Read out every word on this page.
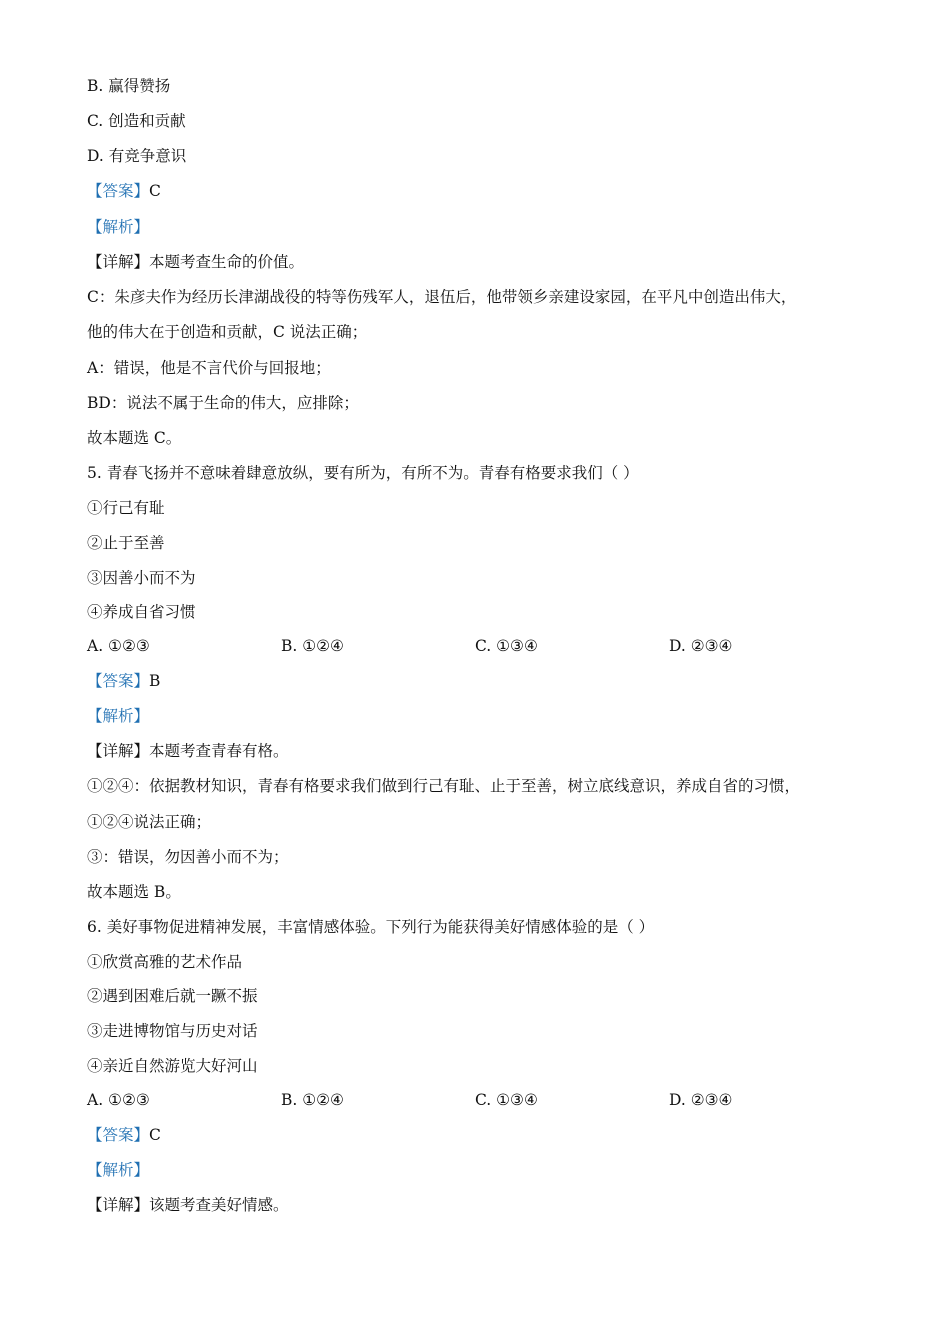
B. 赢得赞扬
C. 创造和贡献
D. 有竞争意识
【答案】C
【解析】
【详解】本题考查生命的价值。
C：朱彦夫作为经历长津湖战役的特等伤残军人，退伍后，他带领乡亲建设家园，在平凡中创造出伟大，
他的伟大在于创造和贡献，C 说法正确；
A：错误，他是不言代价与回报地；
BD：说法不属于生命的伟大，应排除；
故本题选 C。
5. 青春飞扬并不意味着肆意放纵，要有所为，有所不为。青春有格要求我们（ ）
①行己有耻
②止于至善
③因善小而不为
④养成自省习惯
A. ①②③	B. ①②④	C. ①③④	D. ②③④
【答案】B
【解析】
【详解】本题考查青春有格。
①②④：依据教材知识，青春有格要求我们做到行己有耻、止于至善，树立底线意识，养成自省的习惯，
①②④说法正确；
③：错误，勿因善小而不为；
故本题选 B。
6. 美好事物促进精神发展，丰富情感体验。下列行为能获得美好情感体验的是（ ）
①欣赏高雅的艺术作品
②遇到困难后就一蹶不振
③走进博物馆与历史对话
④亲近自然游览大好河山
A. ①②③	B. ①②④	C. ①③④	D. ②③④
【答案】C
【解析】
【详解】该题考查美好情感。
